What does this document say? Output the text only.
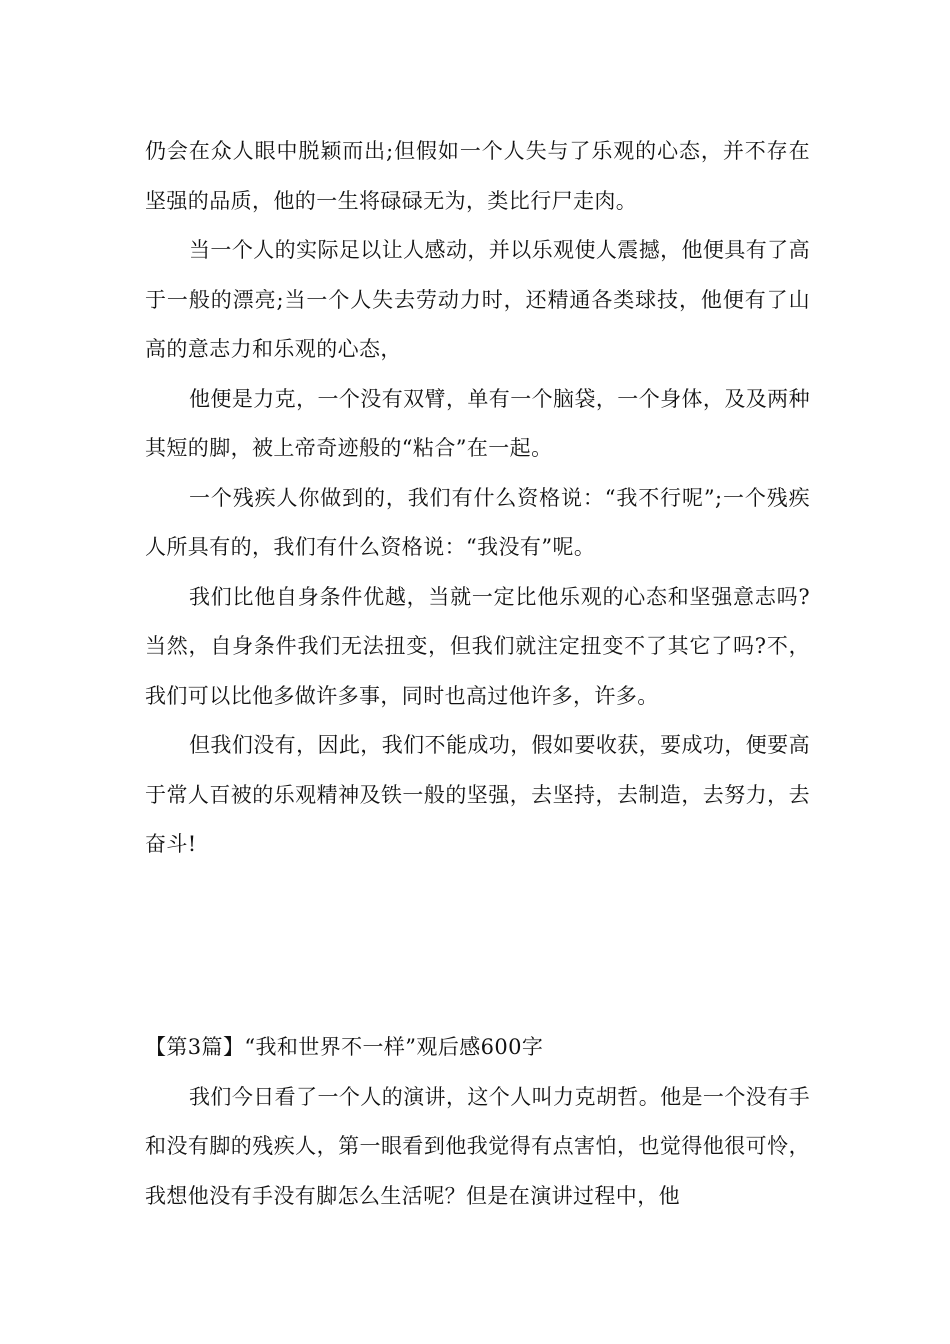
仍会在众人眼中脱颖而出;但假如一个人失与了乐观的心态，并不存在坚强的品质，他的一生将碌碌无为，类比行尸走肉。

当一个人的实际足以让人感动，并以乐观使人震撼，他便具有了高于一般的漂亮;当一个人失去劳动力时，还精通各类球技，他便有了山高的意志力和乐观的心态，

他便是力克，一个没有双臂，单有一个脑袋，一个身体，及及两种其短的脚，被上帝奇迹般的“粘合”在一起。

一个残疾人你做到的，我们有什么资格说：“我不行呢”;一个残疾人所具有的，我们有什么资格说：“我没有”呢。

我们比他自身条件优越，当就一定比他乐观的心态和坚强意志吗?当然，自身条件我们无法扭变，但我们就注定扭变不了其它了吗?不，我们可以比他多做许多事，同时也高过他许多，许多。

但我们没有，因此，我们不能成功，假如要收获，要成功，便要高于常人百被的乐观精神及铁一般的坚强，去坚持，去制造，去努力，去奋斗!

【第3篇】“我和世界不一样”观后感600字

我们今日看了一个人的演讲，这个人叫力克胡哲。他是一个没有手和没有脚的残疾人，第一眼看到他我觉得有点害怕，也觉得他很可怜，我想他没有手没有脚怎么生活呢？但是在演讲过程中，他
